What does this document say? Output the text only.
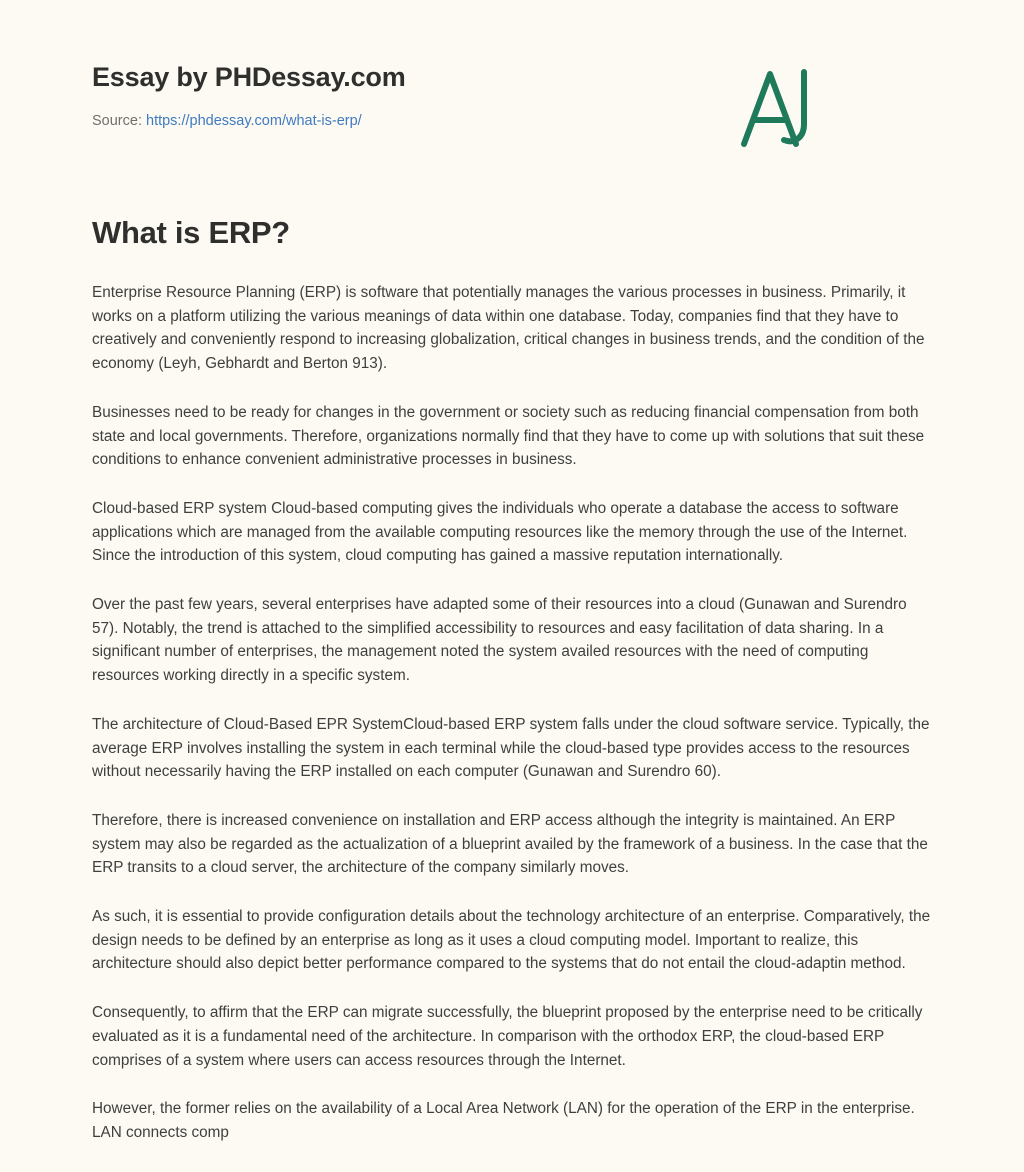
Essay by PHDessay.com
Source: https://phdessay.com/what-is-erp/
What is ERP?

Enterprise Resource Planning (ERP) is software that potentially manages the various processes in business. Primarily, it works on a platform utilizing the various meanings of data within one database. Today, companies find that they have to creatively and conveniently respond to increasing globalization, critical changes in business trends, and the condition of the economy (Leyh, Gebhardt and Berton 913).

Businesses need to be ready for changes in the government or society such as reducing financial compensation from both state and local governments. Therefore, organizations normally find that they have to come up with solutions that suit these conditions to enhance convenient administrative processes in business.

Cloud-based ERP system Cloud-based computing gives the individuals who operate a database the access to software applications which are managed from the available computing resources like the memory through the use of the Internet. Since the introduction of this system, cloud computing has gained a massive reputation internationally.

Over the past few years, several enterprises have adapted some of their resources into a cloud (Gunawan and Surendro 57). Notably, the trend is attached to the simplified accessibility to resources and easy facilitation of data sharing. In a significant number of enterprises, the management noted the system availed resources with the need of computing resources working directly in a specific system.

The architecture of Cloud-Based EPR SystemCloud-based ERP system falls under the cloud software service. Typically, the average ERP involves installing the system in each terminal while the cloud-based type provides access to the resources without necessarily having the ERP installed on each computer (Gunawan and Surendro 60).

Therefore, there is increased convenience on installation and ERP access although the integrity is maintained. An ERP system may also be regarded as the actualization of a blueprint availed by the framework of a business. In the case that the ERP transits to a cloud server, the architecture of the company similarly moves.

As such, it is essential to provide configuration details about the technology architecture of an enterprise. Comparatively, the design needs to be defined by an enterprise as long as it uses a cloud computing model. Important to realize, this architecture should also depict better performance compared to the systems that do not entail the cloud-adaptin method.

Consequently, to affirm that the ERP can migrate successfully, the blueprint proposed by the enterprise need to be critically evaluated as it is a fundamental need of the architecture. In comparison with the orthodox ERP, the cloud-based ERP comprises of a system where users can access resources through the Internet.

However, the former relies on the availability of a Local Area Network (LAN) for the operation of the ERP in the enterprise. LAN connects comp
